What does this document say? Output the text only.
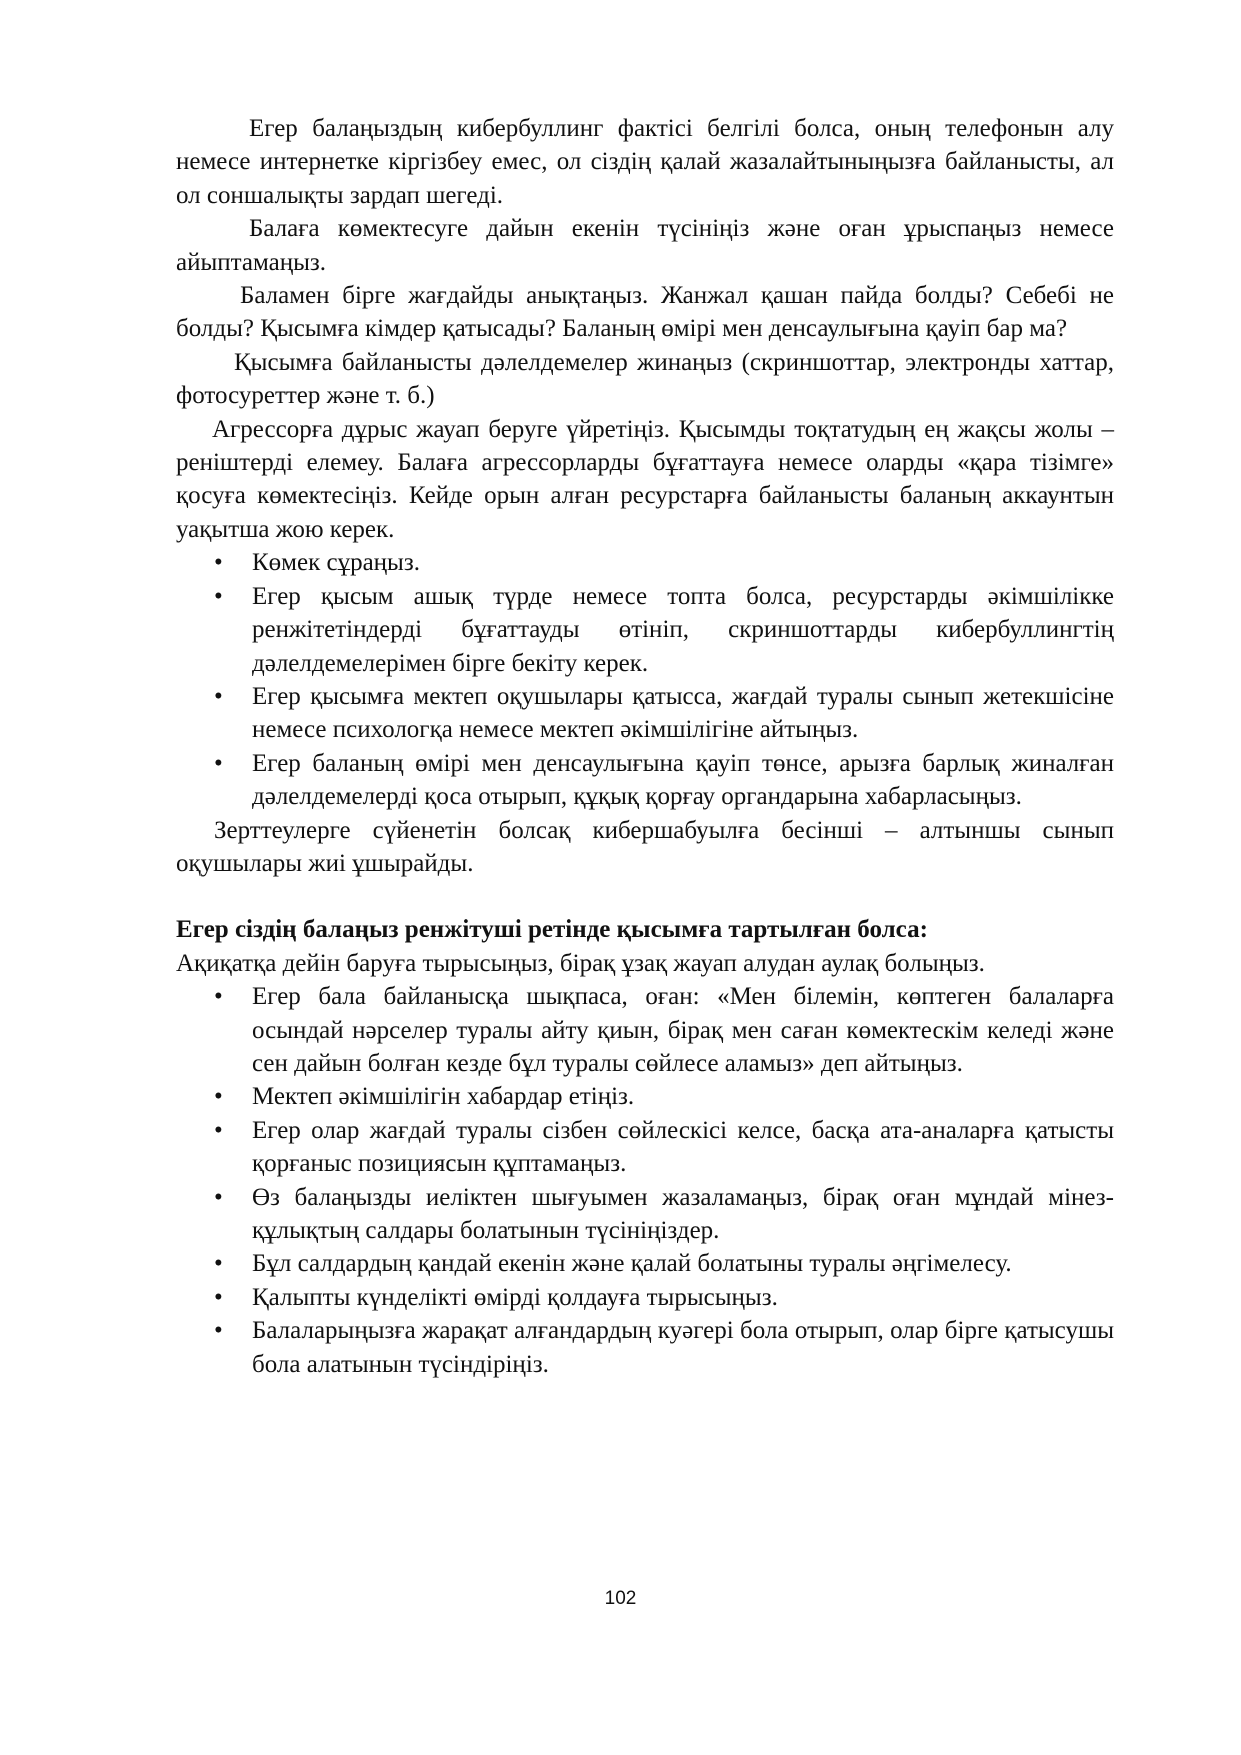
Егер балаңыздың кибербуллинг фактісі белгілі болса, оның телефонын алу немесе интернетке кіргізбеу емес, ол сіздің қалай жазалайтыныңызға байланысты, ал ол соншалықты зардап шегеді.

Балаға көмектесуге дайын екенін түсініңіз және оған ұрыспаңыз немесе айыптамаңыз.

Баламен бірге жағдайды анықтаңыз. Жанжал қашан пайда болды? Себебі не болды? Қысымға кімдер қатысады? Баланың өмірі мен денсаулығына қауіп бар ма?

Қысымға байланысты дәлелдемелер жинаңыз (скриншоттар, электронды хаттар, фотосуреттер және т. б.)

Агрессорға дұрыс жауап беруге үйретіңіз. Қысымды тоқтатудың ең жақсы жолы – реніштерді елемеу. Балаға агрессорларды бұғаттауға немесе оларды «қара тізімге» қосуға көмектесіңіз. Кейде орын алған ресурстарға байланысты баланың аккаунтын уақытша жою керек.

• Көмек сұраңыз.
• Егер қысым ашық түрде немесе топта болса, ресурстарды әкімшілікке ренжітетіндерді бұғаттауды өтініп, скриншоттарды кибербуллингтің дәлелдемелерімен бірге бекіту керек.
• Егер қысымға мектеп оқушылары қатысса, жағдай туралы сынып жетекшісіне немесе психологқа немесе мектеп әкімшілігіне айтыңыз.
• Егер баланың өмірі мен денсаулығына қауіп төнсе, арызға барлық жиналған дәлелдемелерді қоса отырып, құқық қорғау органдарына хабарласыңыз.

Зерттеулерге сүйенетін болсақ кибершабуылға бесінші – алтыншы сынып оқушылары жиі ұшырайды.

Егер сіздің балаңыз ренжітуші ретінде қысымға тартылған болса:

Ақиқатқа дейін баруға тырысыңыз, бірақ ұзақ жауап алудан аулақ болыңыз.

• Егер бала байланысқа шықпаса, оған: «Мен білемін, көптеген балаларға осындай нәрселер туралы айту қиын, бірақ мен саған көмектескім келеді және сен дайын болған кезде бұл туралы сөйлесе аламыз» деп айтыңыз.
• Мектеп әкімшілігін хабардар етіңіз.
• Егер олар жағдай туралы сізбен сөйлескісі келсе, басқа ата-аналарға қатысты қорғаныс позициясын құптамаңыз.
• Өз балаңызды иеліктен шығуымен жазаламаңыз, бірақ оған мұндай мінез-құлықтың салдары болатынын түсініңіздер.
• Бұл салдардың қандай екенін және қалай болатыны туралы әңгімелесу.
• Қалыпты күнделікті өмірді қолдауға тырысыңыз.
• Балаларыңызға жарақат алғандардың куәгері бола отырып, олар бірге қатысушы бола алатынын түсіндіріңіз.
102
